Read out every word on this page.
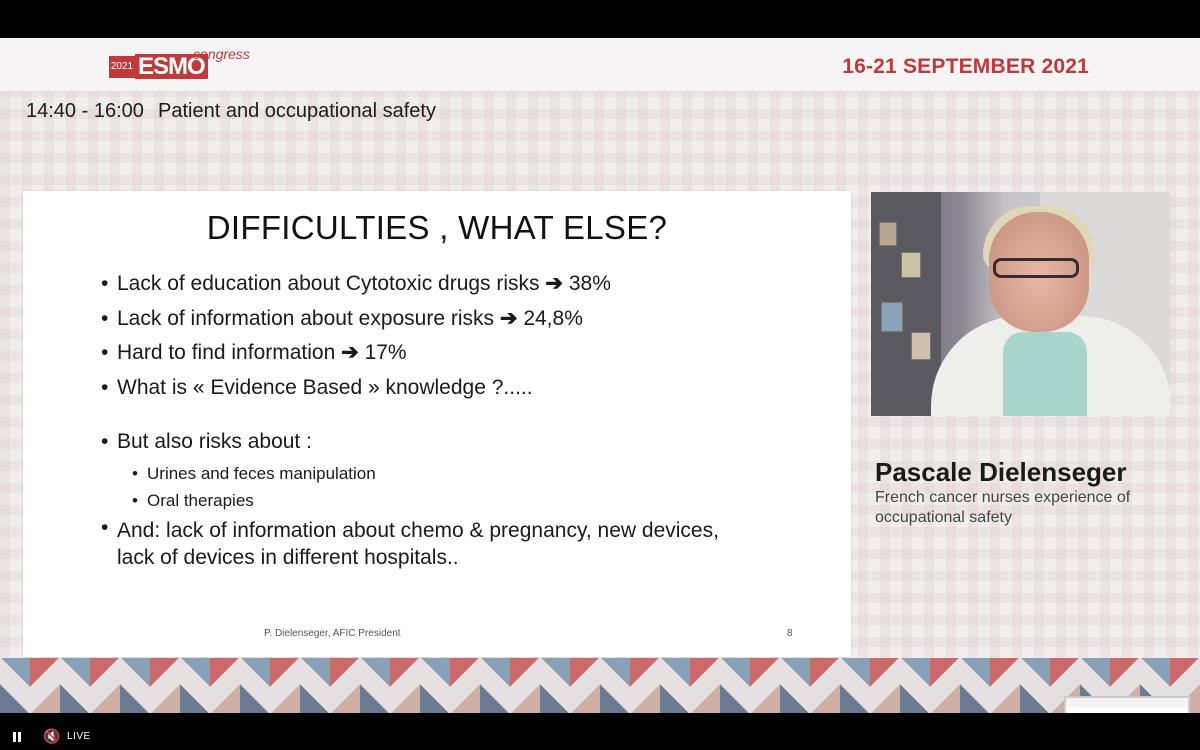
2021 ESMO
congress
16-21 SEPTEMBER 2021
14:40 - 16:00 Patient and occupational safety
DIFFICULTIES , WHAT ELSE?
• Lack of education about Cytotoxic drugs risks ➔ 38%
• Lack of information about exposure risks ➔ 24,8%
• Hard to find information ➔ 17%
• What is « Evidence Based » knowledge ?.....
• But also risks about :
• Urines and feces manipulation
• Oral therapies
• And: lack of information about chemo & pregnancy, new devices, lack of devices in different hospitals..
P. Dielenseger, AFIC President	8
Pascale Dielenseger
French cancer nurses experience of occupational safety
🔇 LIVE
